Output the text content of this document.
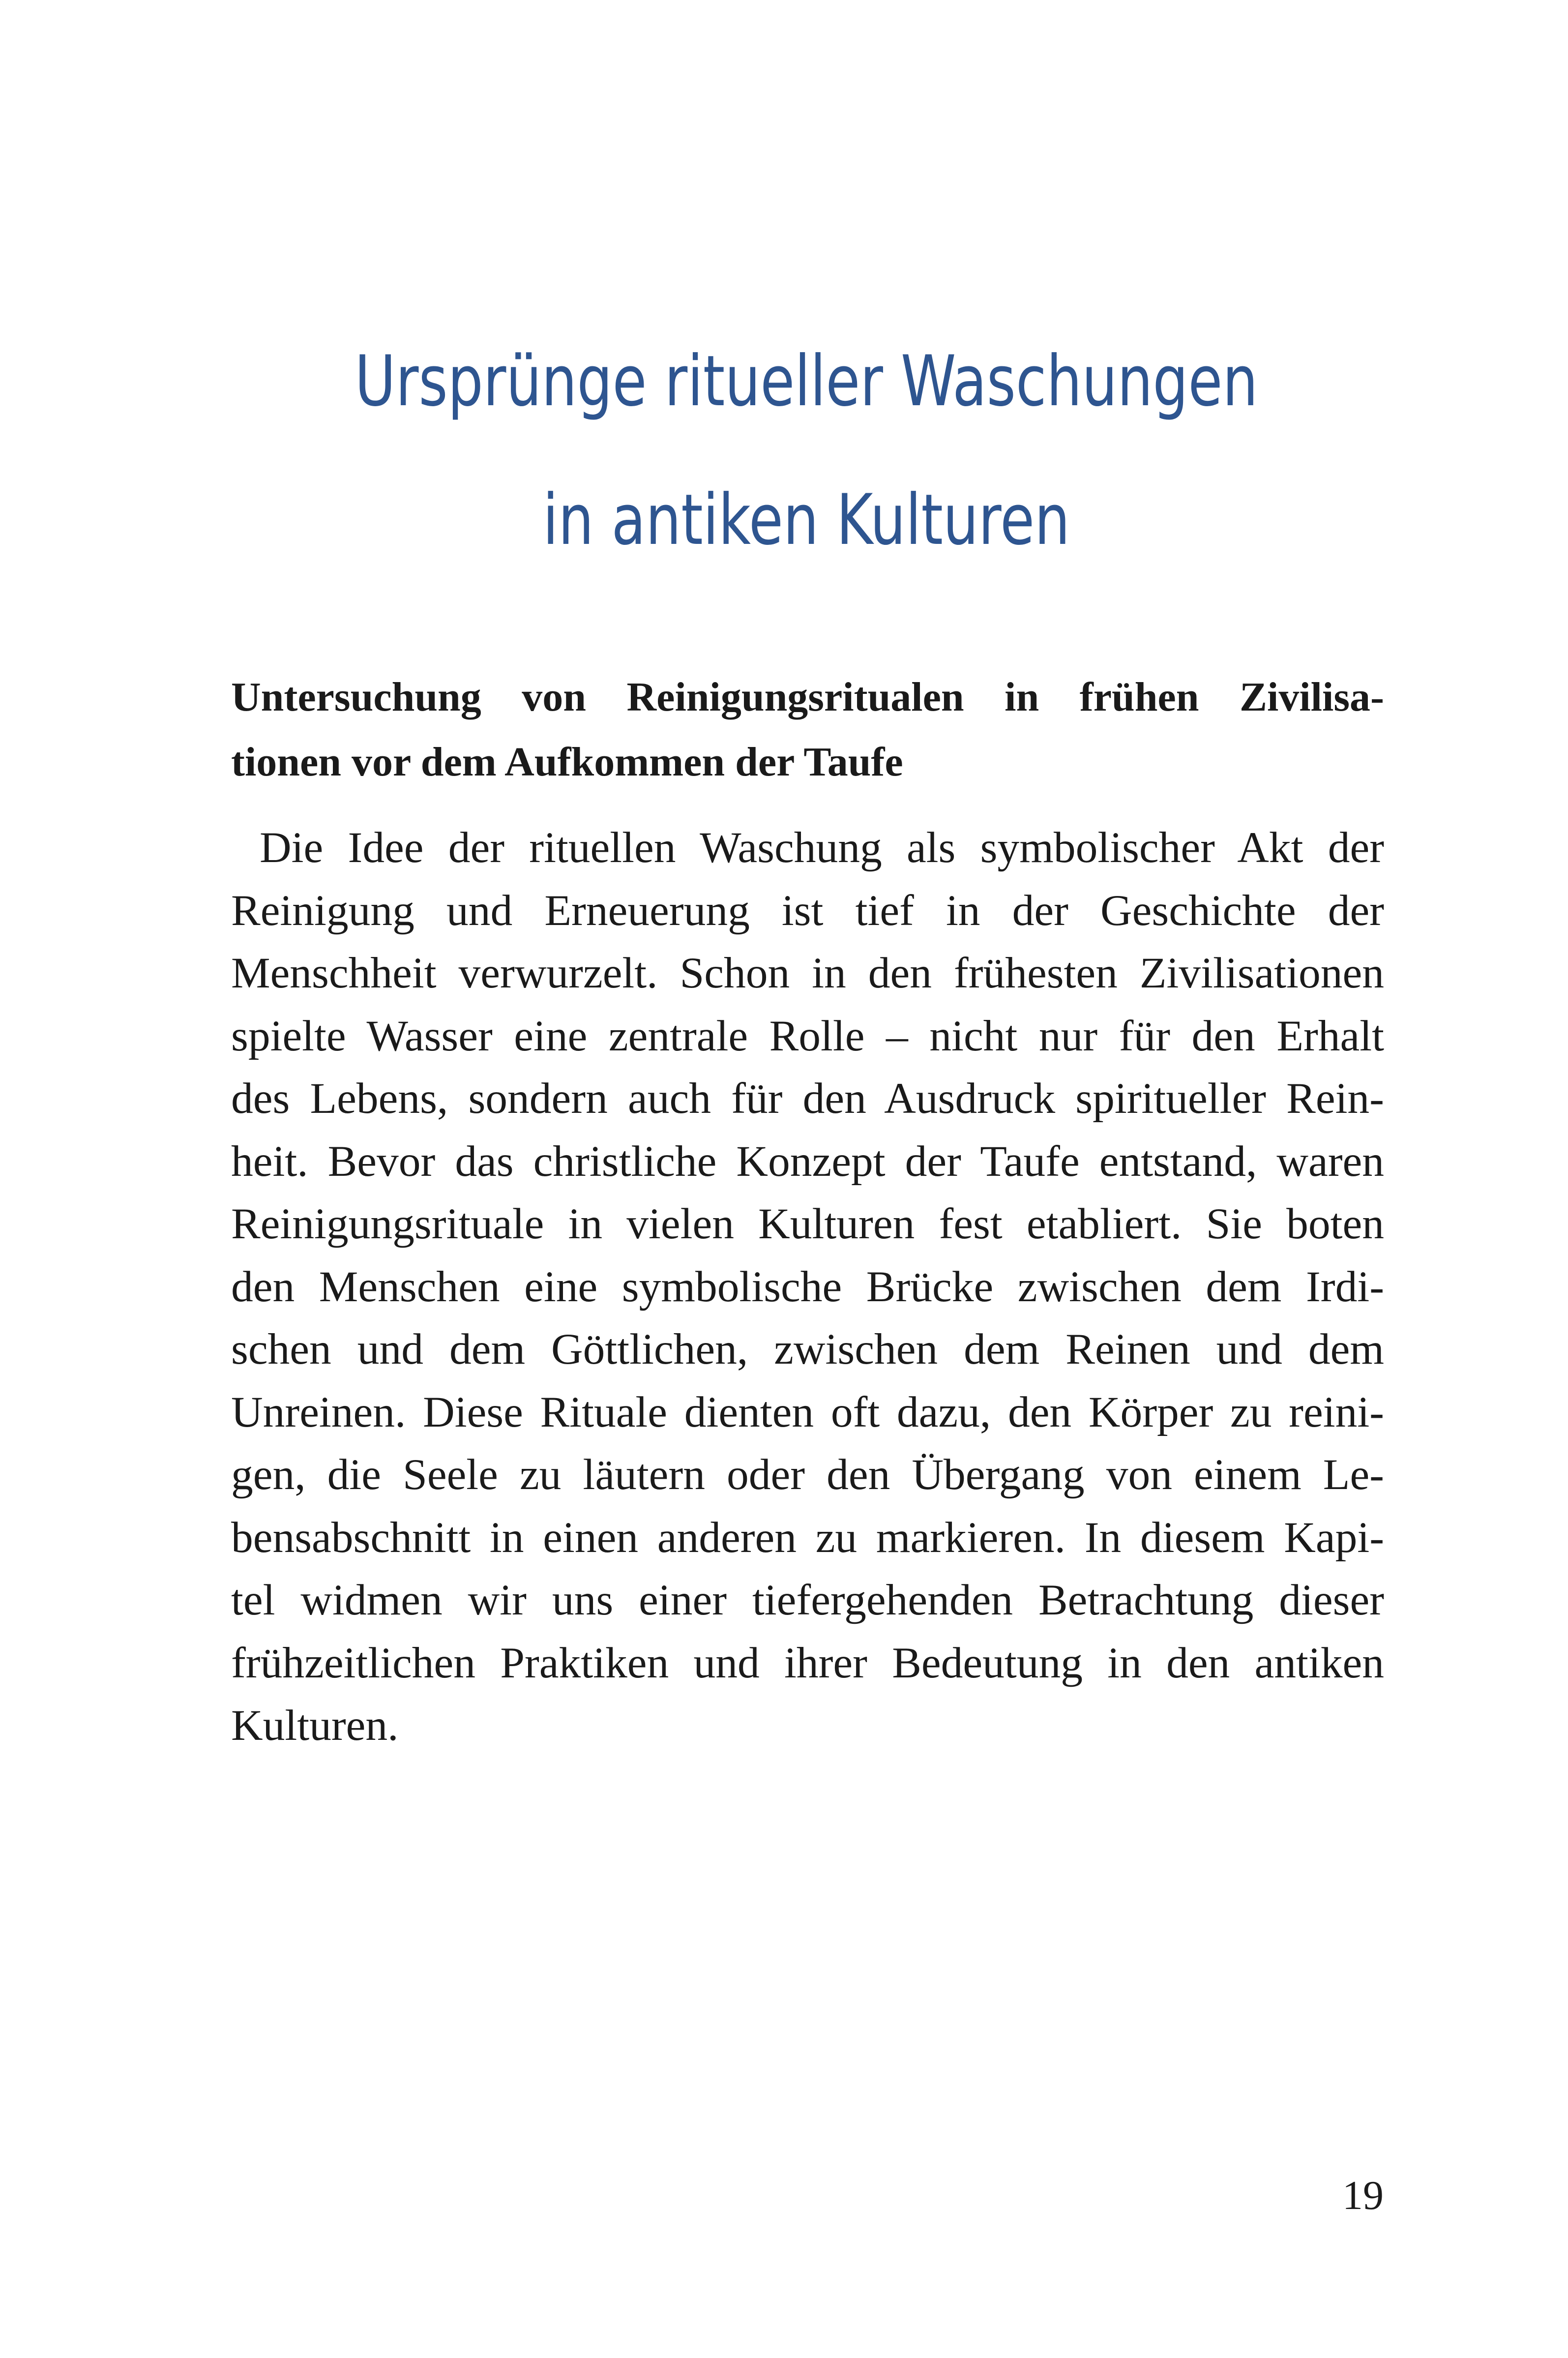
Ursprünge ritueller Waschungen
in antiken Kulturen
Untersuchung von Reinigungsritualen in frühen Zivilisa-
tionen vor dem Aufkommen der Taufe
Die Idee der rituellen Waschung als symbolischer Akt der
Reinigung und Erneuerung ist tief in der Geschichte der
Menschheit verwurzelt. Schon in den frühesten Zivilisationen
spielte Wasser eine zentrale Rolle – nicht nur für den Erhalt
des Lebens, sondern auch für den Ausdruck spiritueller Rein-
heit. Bevor das christliche Konzept der Taufe entstand, waren
Reinigungsrituale in vielen Kulturen fest etabliert. Sie boten
den Menschen eine symbolische Brücke zwischen dem Irdi-
schen und dem Göttlichen, zwischen dem Reinen und dem
Unreinen. Diese Rituale dienten oft dazu, den Körper zu reini-
gen, die Seele zu läutern oder den Übergang von einem Le-
bensabschnitt in einen anderen zu markieren. In diesem Kapi-
tel widmen wir uns einer tiefergehenden Betrachtung dieser
frühzeitlichen Praktiken und ihrer Bedeutung in den antiken
Kulturen.
19
